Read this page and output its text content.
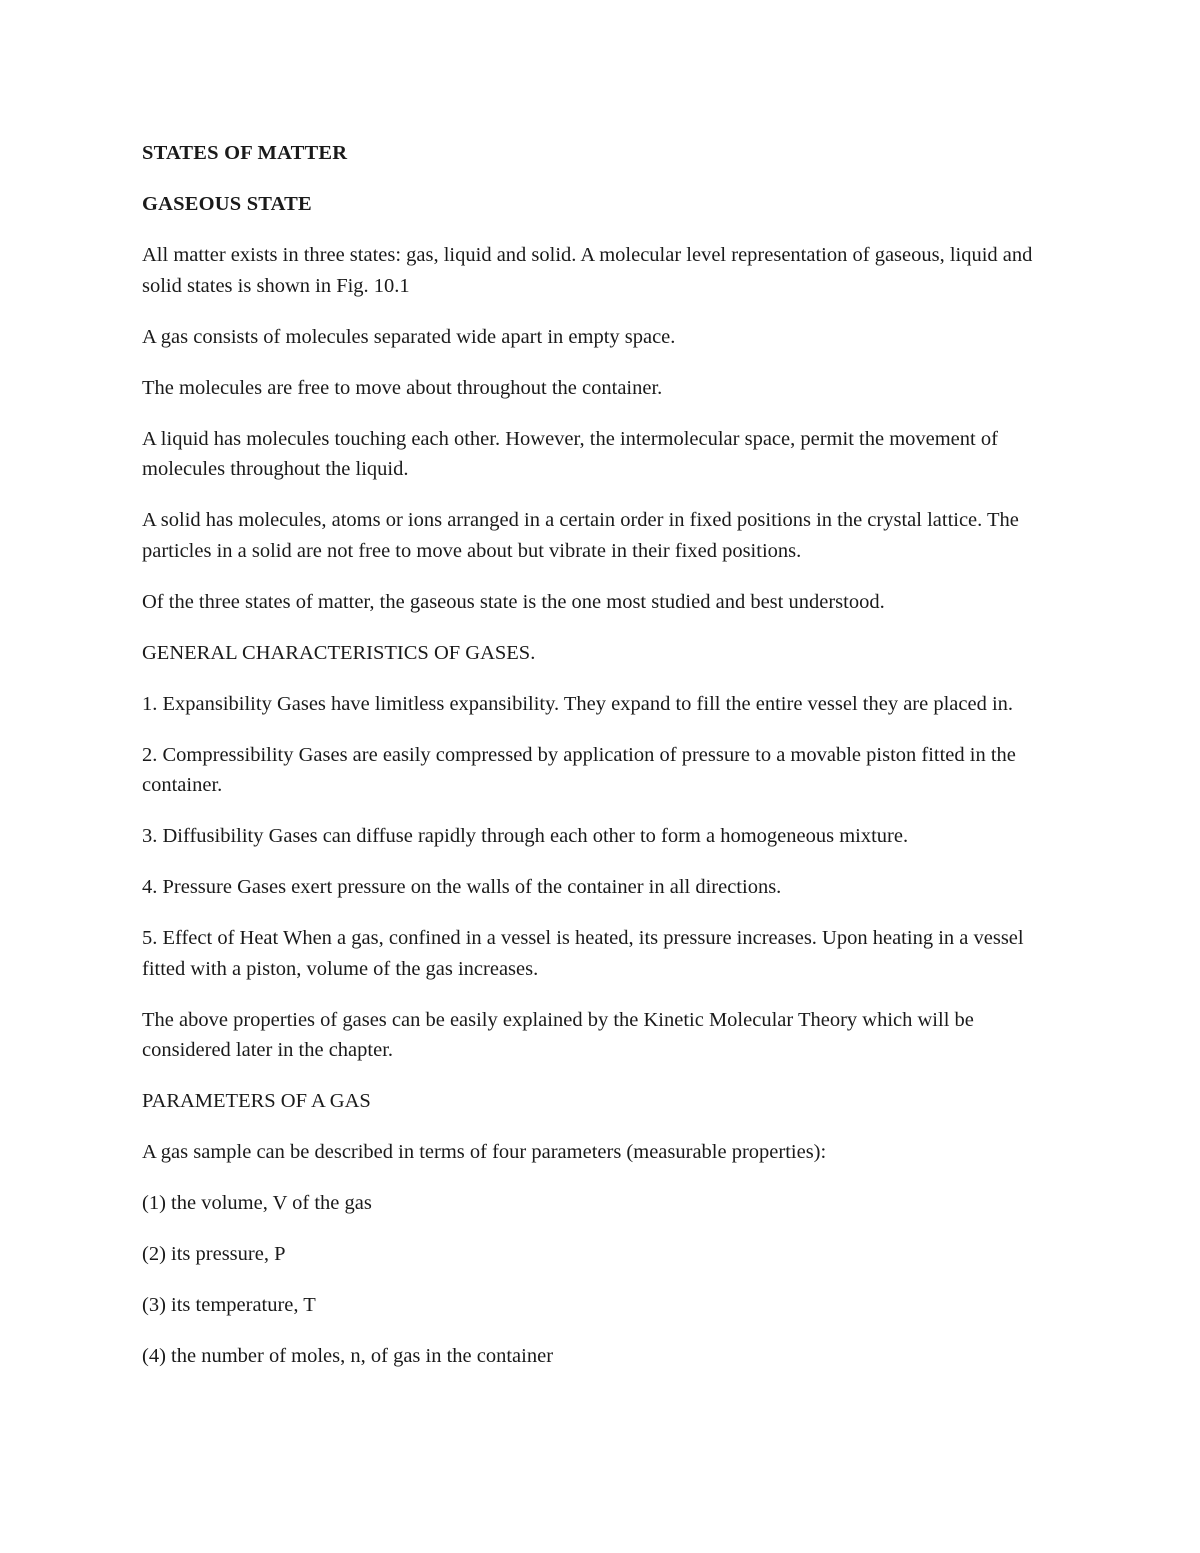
STATES OF MATTER

GASEOUS STATE

All matter exists in three states: gas, liquid and solid. A molecular level representation of gaseous, liquid and solid states is shown in Fig. 10.1

A gas consists of molecules separated wide apart in empty space.

The molecules are free to move about throughout the container.

A liquid has molecules touching each other. However, the intermolecular space, permit the movement of molecules throughout the liquid.

A solid has molecules, atoms or ions arranged in a certain order in fixed positions in the crystal lattice. The particles in a solid are not free to move about but vibrate in their fixed positions.

Of the three states of matter, the gaseous state is the one most studied and best understood.

GENERAL CHARACTERISTICS OF GASES.

1. Expansibility Gases have limitless expansibility. They expand to fill the entire vessel they are placed in.

2. Compressibility Gases are easily compressed by application of pressure to a movable piston fitted in the container.

3. Diffusibility Gases can diffuse rapidly through each other to form a homogeneous mixture.

4. Pressure Gases exert pressure on the walls of the container in all directions.

5. Effect of Heat When a gas, confined in a vessel is heated, its pressure increases. Upon heating in a vessel fitted with a piston, volume of the gas increases.

The above properties of gases can be easily explained by the Kinetic Molecular Theory which will be considered later in the chapter.

PARAMETERS OF A GAS

A gas sample can be described in terms of four parameters (measurable properties):

(1) the volume, V of the gas

(2) its pressure, P

(3) its temperature, T

(4) the number of moles, n, of gas in the container
